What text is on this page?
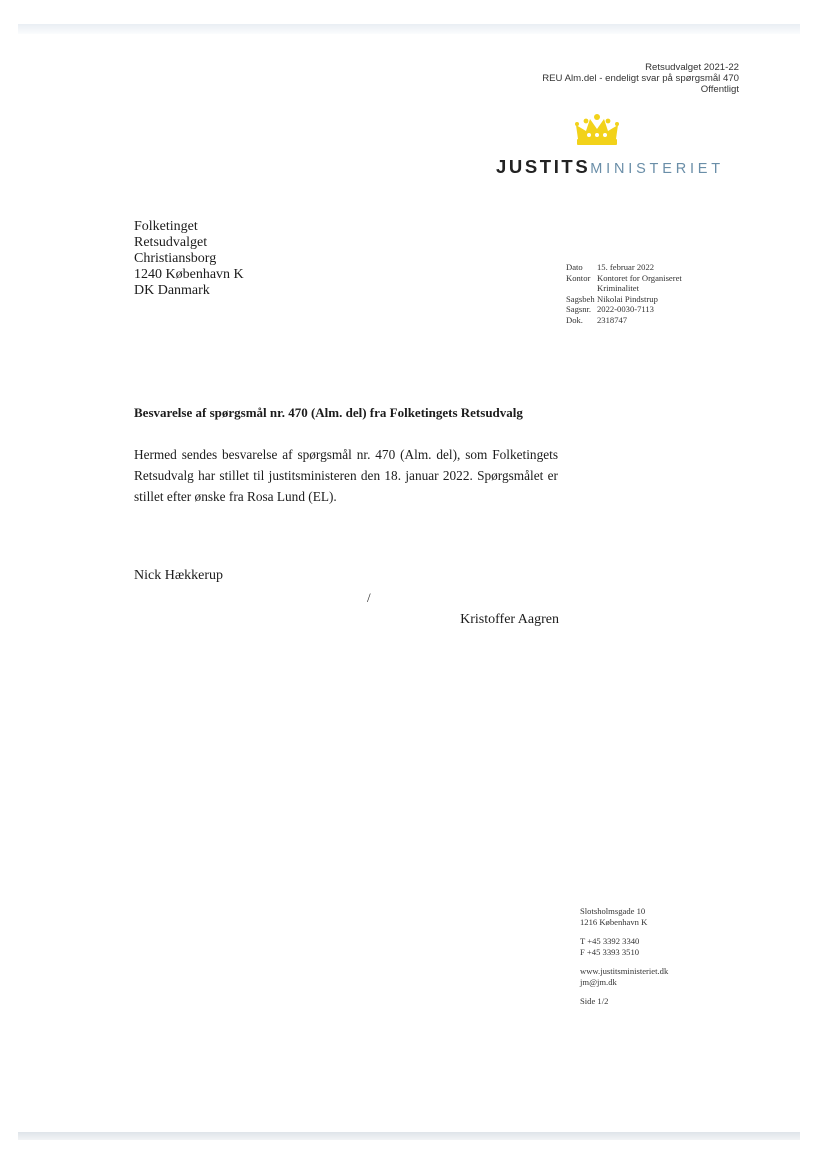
Retsudvalget 2021-22
REU Alm.del - endeligt svar på spørgsmål 470
Offentligt
JUSTITSMINISTERIET
Folketinget
Retsudvalget
Christiansborg
1240 København K
DK Danmark
Dato	15. februar 2022
Kontor Kontoret for Organiseret Kriminalitet
Sagsbeh Nikolai Pindstrup
Sagsnr. 2022-0030-7113
Dok.	2318747
Besvarelse af spørgsmål nr. 470 (Alm. del) fra Folketingets Retsudvalg

Hermed sendes besvarelse af spørgsmål nr. 470 (Alm. del), som Folketingets Retsudvalg har stillet til justitsministeren den 18. januar 2022. Spørgsmålet er stillet efter ønske fra Rosa Lund (EL).

Nick Hækkerup
/
Kristoffer Aagren
Slotsholmsgade 10
1216 København K
T +45 3392 3340
F +45 3393 3510
www.justitsministeriet.dk
jm@jm.dk
Side 1/2
